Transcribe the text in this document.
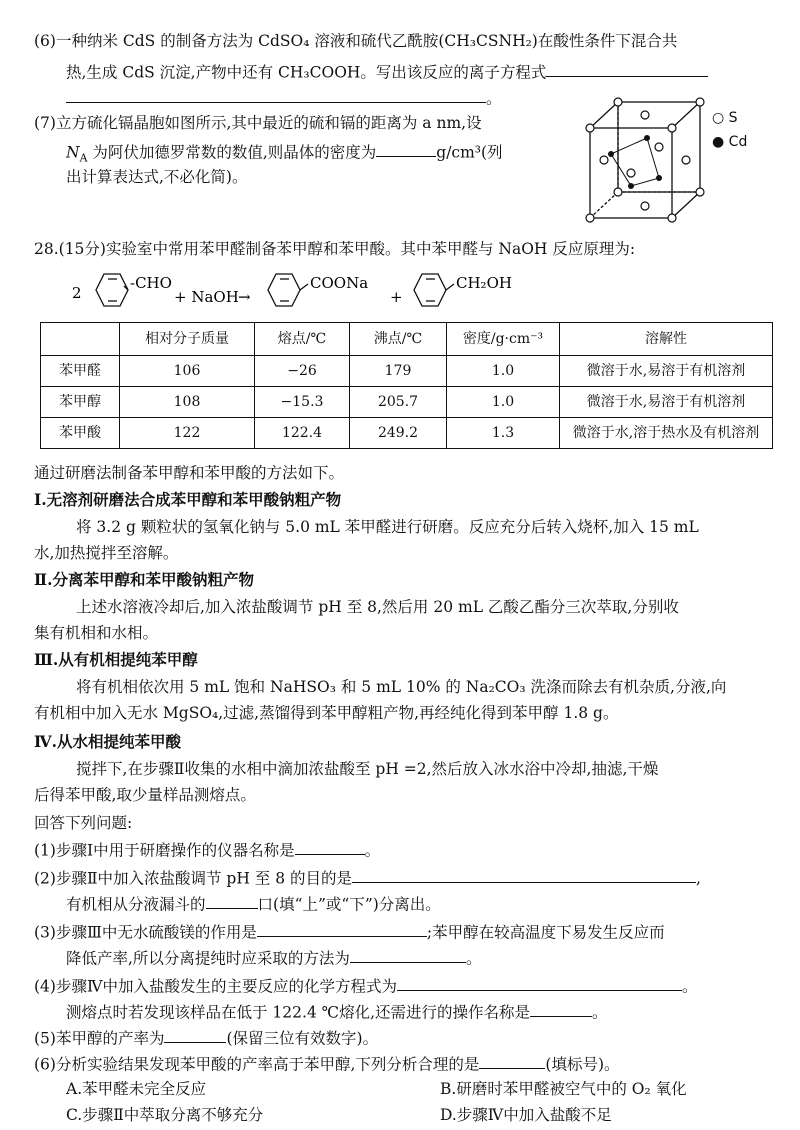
(6)一种纳米 CdS 的制备方法为 CdSO₄ 溶液和硫代乙酰胺(CH₃CSNH₂)在酸性条件下混合共
热,生成 CdS 沉淀,产物中还有 CH₃COOH。写出该反应的离子方程式
。
(7)立方硫化镉晶胞如图所示,其中最近的硫和镉的距离为 a nm,设
$N_A$ 为阿伏加德罗常数的数值,则晶体的密度为	g/cm³(列
出计算表达式,不必化简)。
○ S
● Cd
28.(15分)实验室中常用苯甲醛制备苯甲醇和苯甲酸。其中苯甲醛与 NaOH 反应原理为:
2
-CHO
+ NaOH →
COONa
+
CH₂OH
	相对分子质量	熔点/℃	沸点/℃	密度/g·cm⁻³	溶解性
苯甲醛	106	−26	179	1.0	微溶于水,易溶于有机溶剂
苯甲醇	108	−15.3	205.7	1.0	微溶于水,易溶于有机溶剂
苯甲酸	122	122.4	249.2	1.3	微溶于水,溶于热水及有机溶剂
通过研磨法制备苯甲醇和苯甲酸的方法如下。
Ⅰ.无溶剂研磨法合成苯甲醇和苯甲酸钠粗产物
将 3.2 g 颗粒状的氢氧化钠与 5.0 mL 苯甲醛进行研磨。反应充分后转入烧杯,加入 15 mL
水,加热搅拌至溶解。
Ⅱ.分离苯甲醇和苯甲酸钠粗产物
上述水溶液冷却后,加入浓盐酸调节 pH 至 8,然后用 20 mL 乙酸乙酯分三次萃取,分别收
集有机相和水相。
Ⅲ.从有机相提纯苯甲醇
将有机相依次用 5 mL 饱和 NaHSO₃ 和 5 mL 10% 的 Na₂CO₃ 洗涤而除去有机杂质,分液,向
有机相中加入无水 MgSO₄,过滤,蒸馏得到苯甲醇粗产物,再经纯化得到苯甲醇 1.8 g。
Ⅳ.从水相提纯苯甲酸
搅拌下,在步骤Ⅱ收集的水相中滴加浓盐酸至 pH =2,然后放入冰水浴中冷却,抽滤,干燥
后得苯甲酸,取少量样品测熔点。
回答下列问题:
(1)步骤Ⅰ中用于研磨操作的仪器名称是	。
(2)步骤Ⅱ中加入浓盐酸调节 pH 至 8 的目的是	,
有机相从分液漏斗的	口(填“上”或“下”)分离出。
(3)步骤Ⅲ中无水硫酸镁的作用是	;苯甲醇在较高温度下易发生反应而
降低产率,所以分离提纯时应采取的方法为	。
(4)步骤Ⅳ中加入盐酸发生的主要反应的化学方程式为	。
测熔点时若发现该样品在低于 122.4 ℃熔化,还需进行的操作名称是	。
(5)苯甲醇的产率为	(保留三位有效数字)。
(6)分析实验结果发现苯甲酸的产率高于苯甲醇,下列分析合理的是	(填标号)。
A.苯甲醛未完全反应	B.研磨时苯甲醛被空气中的 O₂ 氧化
C.步骤Ⅱ中萃取分离不够充分	D.步骤Ⅳ中加入盐酸不足
